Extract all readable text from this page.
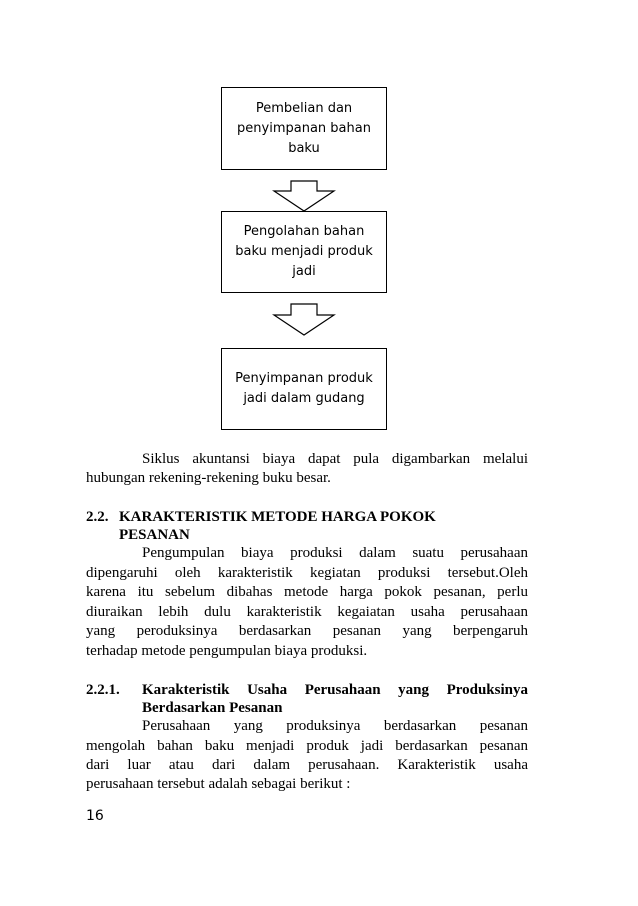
Pembelian dan penyimpanan bahan baku
Pengolahan bahan baku menjadi produk jadi
Penyimpanan produk jadi dalam gudang
Siklus akuntansi biaya dapat pula digambarkan melalui
hubungan rekening-rekening buku besar.
2.2. KARAKTERISTIK METODE HARGA POKOK
PESANAN
Pengumpulan biaya produksi dalam suatu perusahaan
dipengaruhi oleh karakteristik kegiatan produksi tersebut.Oleh
karena itu sebelum dibahas metode harga pokok pesanan, perlu
diuraikan lebih dulu karakteristik kegaiatan usaha perusahaan
yang peroduksinya berdasarkan pesanan yang berpengaruh
terhadap metode pengumpulan biaya produksi.
2.2.1. Karakteristik Usaha Perusahaan yang Produksinya
Berdasarkan Pesanan
Perusahaan yang produksinya berdasarkan pesanan
mengolah bahan baku menjadi produk jadi berdasarkan pesanan
dari luar atau dari dalam perusahaan. Karakteristik usaha
perusahaan tersebut adalah sebagai berikut :
16
